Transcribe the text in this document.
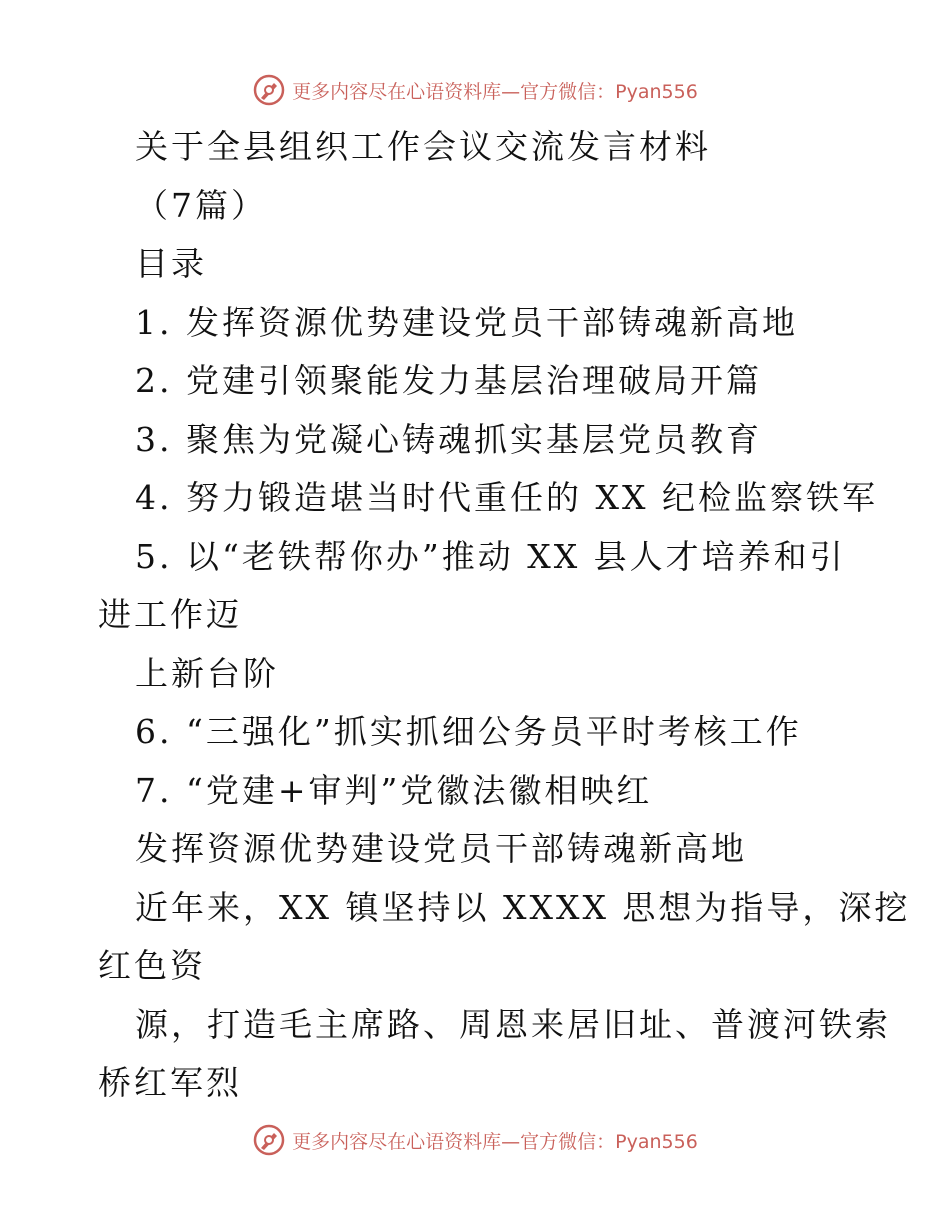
更多内容尽在心语资料库—官方微信：Pyan556
关于全县组织工作会议交流发言材料
（7篇）
目录
1. 发挥资源优势建设党员干部铸魂新高地
2. 党建引领聚能发力基层治理破局开篇
3. 聚焦为党凝心铸魂抓实基层党员教育
4. 努力锻造堪当时代重任的 XX 纪检监察铁军
5. 以“老铁帮你办”推动 XX 县人才培养和引
进工作迈
上新台阶
6. “三强化”抓实抓细公务员平时考核工作
7. “党建+审判”党徽法徽相映红
发挥资源优势建设党员干部铸魂新高地
近年来，XX 镇坚持以 XXXX 思想为指导，深挖
红色资
源，打造毛主席路、周恩来居旧址、普渡河铁索
桥红军烈
更多内容尽在心语资料库—官方微信：Pyan556
